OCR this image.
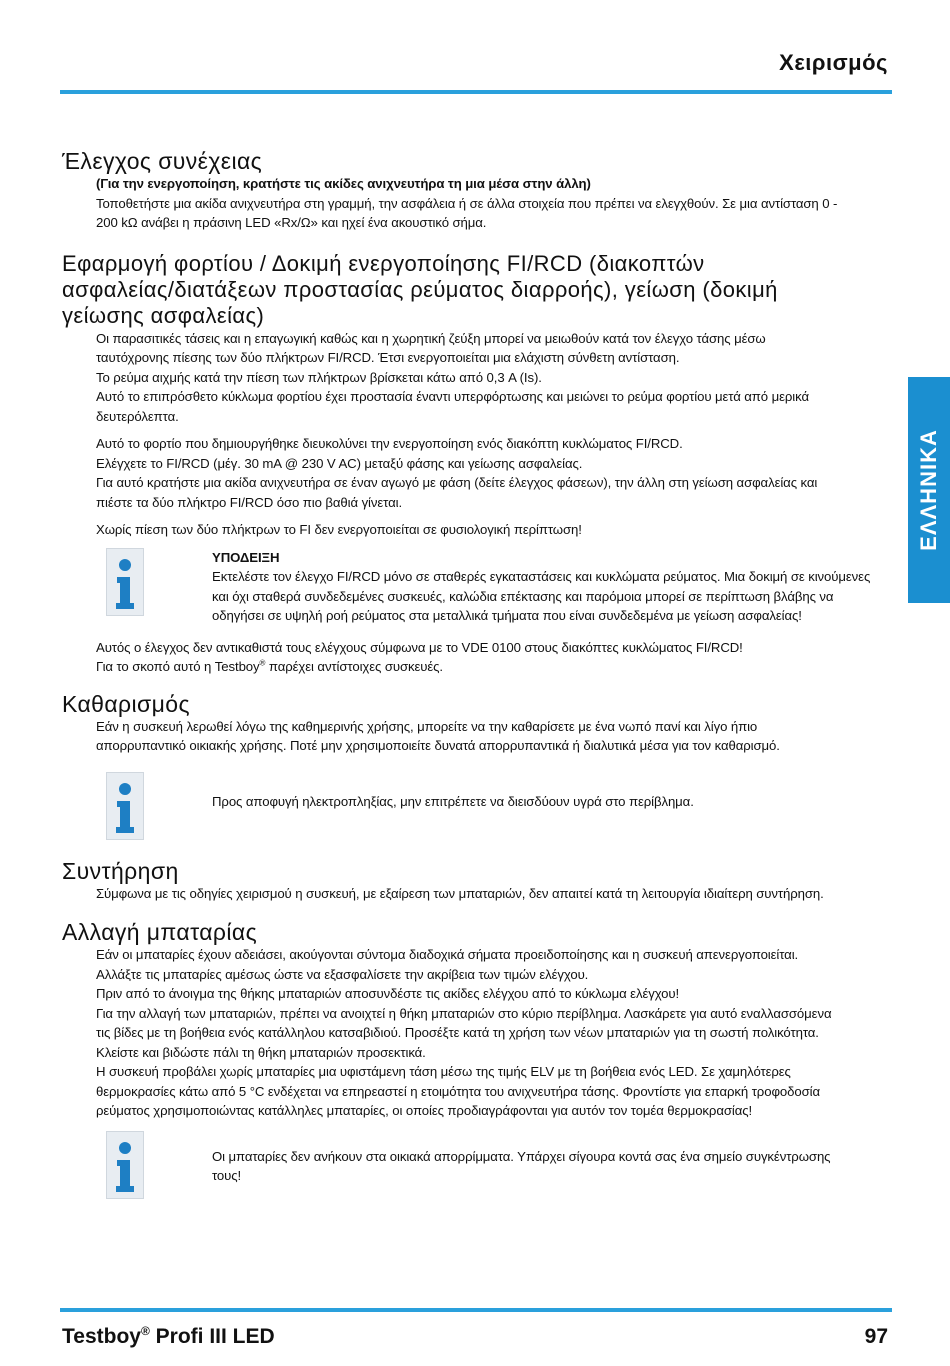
Χειρισμός
ΕΛΛΗΝΙΚΑ
Έλεγχος συνέχειας

(Για την ενεργοποίηση, κρατήστε τις ακίδες ανιχνευτήρα τη μια μέσα στην άλλη)

Τοποθετήστε μια ακίδα ανιχνευτήρα στη γραμμή, την ασφάλεια ή σε άλλα στοιχεία που πρέπει να ελεγχθούν. Σε μια αντίσταση 0 -

200 kΩ ανάβει η πράσινη LED «Rx/Ω» και ηχεί ένα ακουστικό σήμα.

Εφαρμογή φορτίου / Δοκιμή ενεργοποίησης FI/RCD (διακοπτών
ασφαλείας/διατάξεων προστασίας ρεύματος διαρροής), γείωση (δοκιμή
γείωσης ασφαλείας)

Οι παρασιτικές τάσεις και η επαγωγική καθώς και η χωρητική ζεύξη μπορεί να μειωθούν κατά τον έλεγχο τάσης μέσω

ταυτόχρονης πίεσης των δύο πλήκτρων FI/RCD. Έτσι ενεργοποιείται μια ελάχιστη σύνθετη αντίσταση.

Το ρεύμα αιχμής κατά την πίεση των πλήκτρων βρίσκεται κάτω από 0,3 A (Is).

Αυτό το επιπρόσθετο κύκλωμα φορτίου έχει προστασία έναντι υπερφόρτωσης και μειώνει το ρεύμα φορτίου μετά από μερικά

δευτερόλεπτα.

Αυτό το φορτίο που δημιουργήθηκε διευκολύνει την ενεργοποίηση ενός διακόπτη κυκλώματος FI/RCD.

Ελέγχετε το FI/RCD (μέγ. 30 mA @ 230 V AC) μεταξύ φάσης και γείωσης ασφαλείας.

Για αυτό κρατήστε μια ακίδα ανιχνευτήρα σε έναν αγωγό με φάση (δείτε έλεγχος φάσεων), την άλλη στη γείωση ασφαλείας και

πιέστε τα δύο πλήκτρο FI/RCD όσο πιο βαθιά γίνεται.

Χωρίς πίεση των δύο πλήκτρων το FI δεν ενεργοποιείται σε φυσιολογική περίπτωση!

ΥΠΟΔΕΙΞΗ
Εκτελέστε τον έλεγχο FI/RCD μόνο σε σταθερές εγκαταστάσεις και κυκλώματα ρεύματος. Μια δοκιμή σε κινούμενες
και όχι σταθερά συνδεδεμένες συσκευές, καλώδια επέκτασης και παρόμοια μπορεί σε περίπτωση βλάβης να
οδηγήσει σε υψηλή ροή ρεύματος στα μεταλλικά τμήματα που είναι συνδεδεμένα με γείωση ασφαλείας!

Αυτός ο έλεγχος δεν αντικαθιστά τους ελέγχους σύμφωνα με το VDE 0100 στους διακόπτες κυκλώματος FI/RCD!

Για το σκοπό αυτό η Testboy® παρέχει αντίστοιχες συσκευές.

Καθαρισμός

Εάν η συσκευή λερωθεί λόγω της καθημερινής χρήσης, μπορείτε να την καθαρίσετε με ένα νωπό πανί και λίγο ήπιο

απορρυπαντικό οικιακής χρήσης. Ποτέ μην χρησιμοποιείτε δυνατά απορρυπαντικά ή διαλυτικά μέσα για τον καθαρισμό.

Προς αποφυγή ηλεκτροπληξίας, μην επιτρέπετε να διεισδύουν υγρά στο περίβλημα.
Συντήρηση

Σύμφωνα με τις οδηγίες χειρισμού η συσκευή, με εξαίρεση των μπαταριών, δεν απαιτεί κατά τη λειτουργία ιδιαίτερη συντήρηση.

Αλλαγή μπαταρίας

Εάν οι μπαταρίες έχουν αδειάσει, ακούγονται σύντομα διαδοχικά σήματα προειδοποίησης και η συσκευή απενεργοποιείται.

Αλλάξτε τις μπαταρίες αμέσως ώστε να εξασφαλίσετε την ακρίβεια των τιμών ελέγχου.

Πριν από το άνοιγμα της θήκης μπαταριών αποσυνδέστε τις ακίδες ελέγχου από το κύκλωμα ελέγχου!

Για την αλλαγή των μπαταριών, πρέπει να ανοιχτεί η θήκη μπαταριών στο κύριο περίβλημα. Λασκάρετε για αυτό εναλλασσόμενα

τις βίδες με τη βοήθεια ενός κατάλληλου κατσαβιδιού. Προσέξτε κατά τη χρήση των νέων μπαταριών για τη σωστή πολικότητα.

Κλείστε και βιδώστε πάλι τη θήκη μπαταριών προσεκτικά.

Η συσκευή προβάλει χωρίς μπαταρίες μια υφιστάμενη τάση μέσω της τιμής ELV με τη βοήθεια ενός LED. Σε χαμηλότερες

θερμοκρασίες κάτω από 5 °C ενδέχεται να επηρεαστεί η ετοιμότητα του ανιχνευτήρα τάσης. Φροντίστε για επαρκή τροφοδοσία

ρεύματος χρησιμοποιώντας κατάλληλες μπαταρίες, οι οποίες προδιαγράφονται για αυτόν τον τομέα θερμοκρασίας!

Οι μπαταρίες δεν ανήκουν στα οικιακά απορρίμματα. Υπάρχει σίγουρα κοντά σας ένα σημείο συγκέντρωσης
τους!
Testboy® Profi III LED	97
